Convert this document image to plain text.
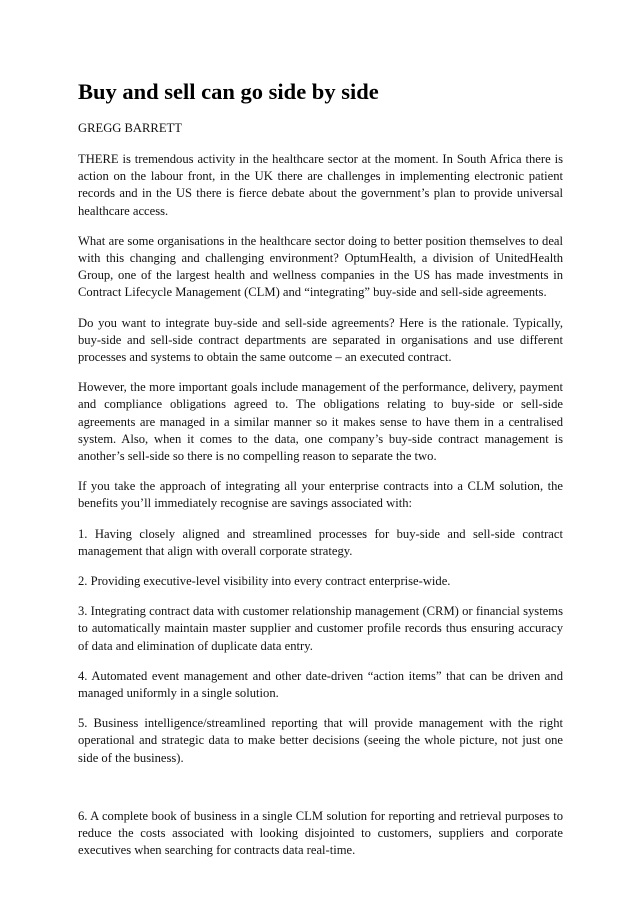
Buy and sell can go side by side
GREGG BARRETT

THERE is tremendous activity in the healthcare sector at the moment. In South Africa there is action on the labour front, in the UK there are challenges in implementing electronic patient records and in the US there is fierce debate about the government’s plan to provide universal healthcare access.

What are some organisations in the healthcare sector doing to better position themselves to deal with this changing and challenging environment? OptumHealth, a division of UnitedHealth Group, one of the largest health and wellness companies in the US has made investments in Contract Lifecycle Management (CLM) and “integrating” buy-side and sell-side agreements.

Do you want to integrate buy-side and sell-side agreements? Here is the rationale. Typically, buy-side and sell-side contract departments are separated in organisations and use different processes and systems to obtain the same outcome – an executed contract.

However, the more important goals include management of the performance, delivery, payment and compliance obligations agreed to. The obligations relating to buy-side or sell-side agreements are managed in a similar manner so it makes sense to have them in a centralised system. Also, when it comes to the data, one company’s buy-side contract management is another’s sell-side so there is no compelling reason to separate the two.

If you take the approach of integrating all your enterprise contracts into a CLM solution, the benefits you’ll immediately recognise are savings associated with:

1. Having closely aligned and streamlined processes for buy-side and sell-side contract management that align with overall corporate strategy.

2. Providing executive-level visibility into every contract enterprise-wide.

3. Integrating contract data with customer relationship management (CRM) or financial systems to automatically maintain master supplier and customer profile records thus ensuring accuracy of data and elimination of duplicate data entry.

4. Automated event management and other date-driven “action items” that can be driven and managed uniformly in a single solution.

5. Business intelligence/streamlined reporting that will provide management with the right operational and strategic data to make better decisions (seeing the whole picture, not just one side of the business).

6. A complete book of business in a single CLM solution for reporting and retrieval purposes to reduce the costs associated with looking disjointed to customers, suppliers and corporate executives when searching for contracts data real-time.
